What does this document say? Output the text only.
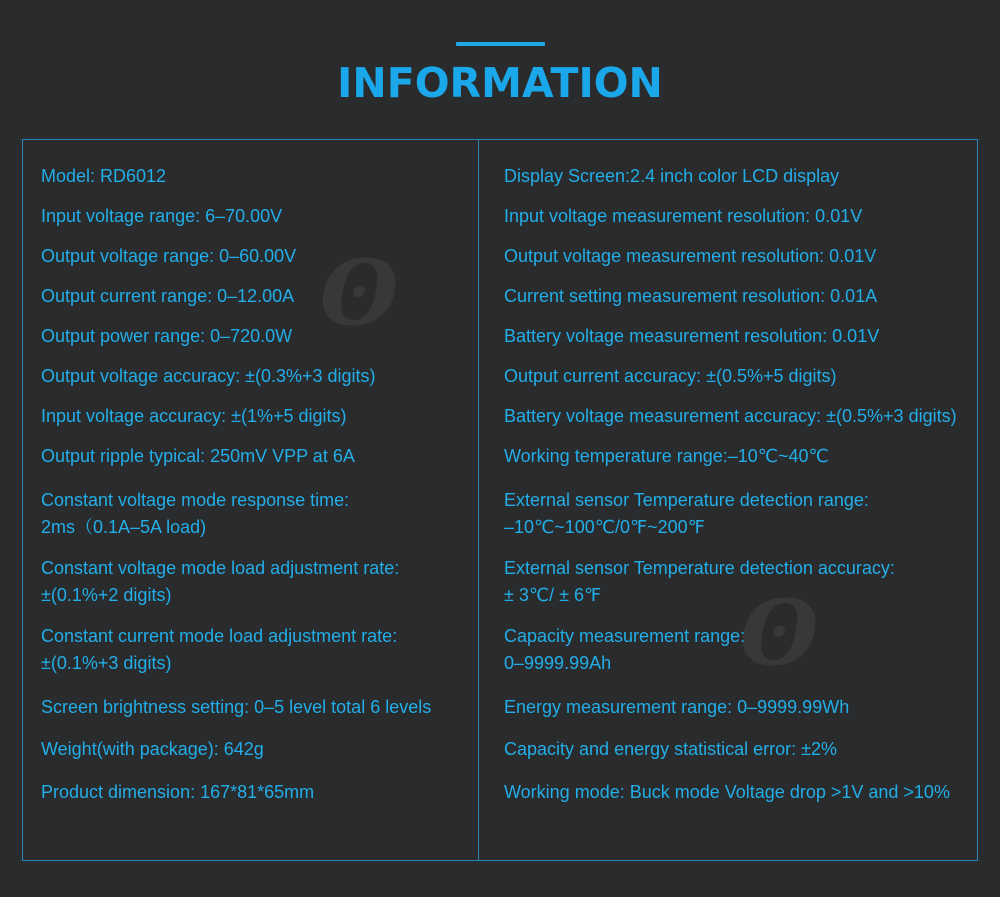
INFORMATION
ʘ
ʘ
Model: RD6012
Input voltage range: 6–70.00V
Output voltage range: 0–60.00V
Output current range: 0–12.00A
Output power range: 0–720.0W
Output voltage accuracy: ±(0.3%+3 digits)
Input voltage accuracy: ±(1%+5 digits)
Output ripple typical: 250mV VPP at 6A
Constant voltage mode response time:
2ms（0.1A–5A load)
Constant voltage mode load adjustment rate:
±(0.1%+2 digits)
Constant current mode load adjustment rate:
±(0.1%+3 digits)
Screen brightness setting: 0–5 level total 6 levels
Weight(with package): 642g
Product dimension: 167*81*65mm
Display Screen:2.4 inch color LCD display
Input voltage measurement resolution: 0.01V
Output voltage measurement resolution: 0.01V
Current setting measurement resolution: 0.01A
Battery voltage measurement resolution: 0.01V
Output current accuracy: ±(0.5%+5 digits)
Battery voltage measurement accuracy: ±(0.5%+3 digits)
Working temperature range:–10℃~40℃
External sensor Temperature detection range:
–10℃~100℃/0℉~200℉
External sensor Temperature detection accuracy:
± 3℃/ ± 6℉
Capacity measurement range:
0–9999.99Ah
Energy measurement range: 0–9999.99Wh
Capacity and energy statistical error: ±2%
Working mode: Buck mode Voltage drop >1V and >10%
